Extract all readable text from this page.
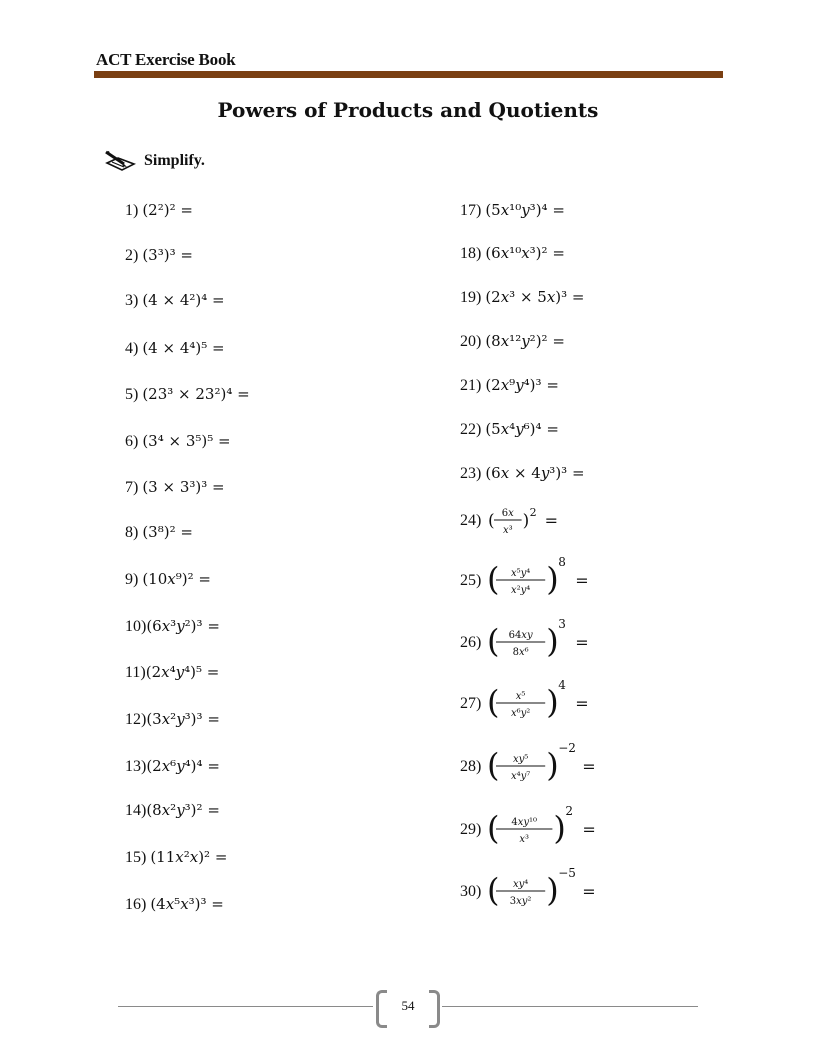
ACT Exercise Book
Powers of Products and Quotients
Simplify.
1) (2²)² =
2) (3³)³ =
3) (4 × 4²)⁴ =
4) (4 × 4⁴)⁵ =
5) (23³ × 23²)⁴ =
6) (3⁴ × 3⁵)⁵ =
7) (3 × 3³)³ =
8) (3⁸)² =
9) (10𝑥⁹)² =
10)(6𝑥³𝑦²)³ =
11)(2𝑥⁴𝑦⁴)⁵ =
12)(3𝑥²𝑦³)³ =
13)(2𝑥⁶𝑦⁴)⁴ =
14)(8𝑥²𝑦³)² =
15) (11𝑥²𝑥)² =
16) (4𝑥⁵𝑥³)³ =
17) (5𝑥¹⁰𝑦³)⁴ =
18) (6𝑥¹⁰𝑥³)² =
19) (2𝑥³ × 5𝑥)³ =
20) (8𝑥¹²𝑦²)² =
21) (2𝑥⁹𝑦⁴)³ =
22) (5𝑥⁴𝑦⁶)⁴ =
23) (6𝑥 × 4𝑦³)³ =
24) ( 6𝑥
𝑥³ ) 2 =
25) ( 𝑥⁵𝑦⁴
𝑥²𝑦⁴ ) 8
=
26) ( 64𝑥𝑦
8𝑥⁶ ) 3
=
27) ( 𝑥⁵
𝑥⁶𝑦² ) 4
=
28) ( 𝑥𝑦⁵
𝑥⁴𝑦⁷ ) −2
=
29) ( 4𝑥𝑦¹⁰
𝑥³ ) 2
=
30) ( 𝑥𝑦⁴
3𝑥𝑦² ) −5
=
54
